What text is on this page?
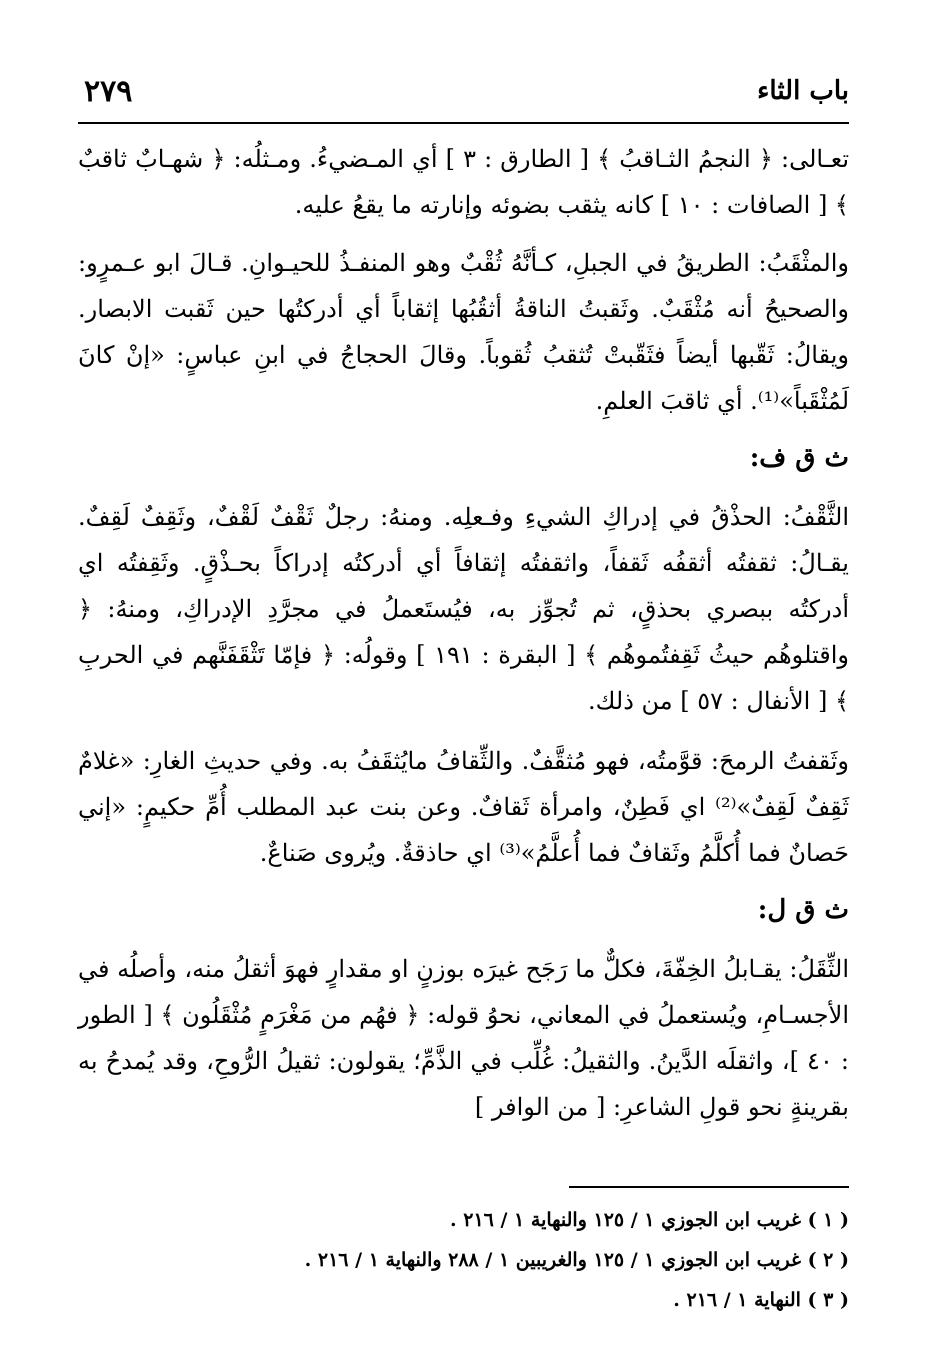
باب الثاء
٢٧٩

تعـالى: ﴿ النجمُ الثـاقبُ ﴾ [ الطارق : ٣ ] أي المـضيءُ. ومـثلُه: ﴿ شهـابٌ ثاقبٌ ﴾ [ الصافات : ١٠ ] كانه يثقب بضوئه وإنارته ما يقعُ عليه.

والمثْقَبُ: الطريقُ في الجبلِ، كـأنَّهُ ثُقْبٌ وهو المنفـذُ للحيـوانِ. قـالَ ابو عـمرٍو: والصحيحُ أنه مُثْقَبٌ. وثَقبتُ الناقةُ أثقُبُها إثقاباً أي أدركتُها حين ثَقبت الابصار. ويقالُ: ثَقّبها أيضاً فثَقّبتْ تُثقبُ ثُقوباً. وقالَ الحجاجُ في ابنِ عباسٍ: «إنْ كانَ لَمُثْقَباً»⁽¹⁾. أي ثاقبَ العلمِ.

ث ق ف:

الثَّقْفُ: الحذْقُ في إدراكِ الشيءِ وفـعلِه. ومنهُ: رجلٌ ثَقْفٌ لَقْفٌ، وثَقِفٌ لَقِفٌ. يقـالُ: ثقفتُه أثقفُه ثَقفاً، واثقفتُه إثقافاً أي أدركتُه إدراكاً بحـذْقٍ. وثَقِفتُه اي أدركتُه ببصري بحذقٍ، ثم تُجوِّز به، فيُستَعملُ في مجرَّدِ الإدراكِ، ومنهُ: ﴿ واقتلوهُم حيثُ ثَقِفتُموهُم ﴾ [ البقرة : ١٩١ ] وقولُه: ﴿ فإمّا تَثْقَفَنَّهم في الحربِ ﴾ [ الأنفال : ٥٧ ] من ذلك.

وثَقفتُ الرمحَ: قوَّمتُه، فهو مُثقَّفٌ. والثِّقافُ مايُثقَفُ به. وفي حديثِ الغارِ: «غلامٌ ثَقِفٌ لَقِفٌ»⁽²⁾ اي فَطِنٌ، وامرأة ثَقافٌ. وعن بنت عبد المطلب أُمِّ حكيمٍ: «إني حَصانٌ فما أُكلَّمُ وثَقافٌ فما أُعلَّمُ»⁽³⁾ اي حاذقةٌ. ويُروى صَناعٌ.

ث ق ل:

الثِّقَلُ: يقـابلُ الخِفّةَ، فكلٌّ ما رَجَح غيرَه بوزنٍ او مقدارٍ فهوَ أثقلُ منه، وأصلُه في الأجسـامِ، ويُستعملُ في المعاني، نحوُ قوله: ﴿ فهُم من مَغْرَمٍ مُثْقَلُون ﴾ [ الطور : ٤٠ ]، واثقلَه الدَّينُ. والثقيلُ: غُلِّب في الذَّمِّ؛ يقولون: ثقيلُ الرُّوحِ، وقد يُمدحُ به بقرينةٍ نحو قولِ الشاعرِ: [ من الوافر ]

( ١ ) غريب ابن الجوزي ١ / ١٢٥ والنهاية ١ / ٢١٦ .
( ٢ ) غريب ابن الجوزي ١ / ١٢٥ والغريبين ١ / ٢٨٨ والنهاية ١ / ٢١٦ .
( ٣ ) النهاية ١ / ٢١٦ .
